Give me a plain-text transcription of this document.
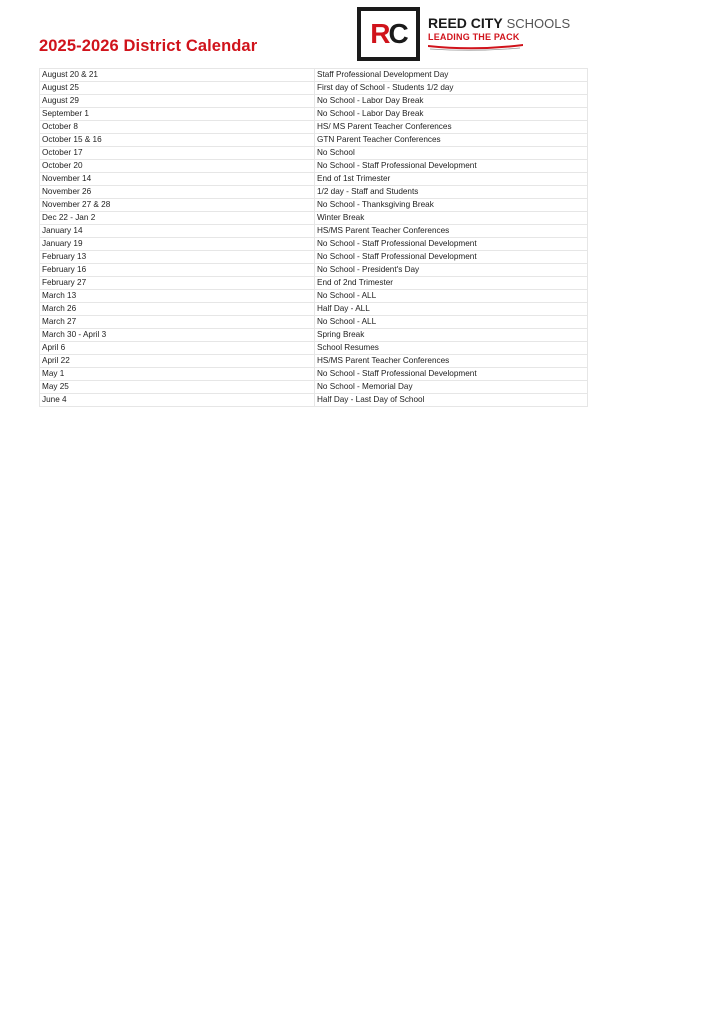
2025-2026 District Calendar	R C REED CITY SCHOOLS
LEADING THE PACK
August 20 & 21	Staff Professional Development Day
August 25	First day of School - Students 1/2 day
August 29	No School - Labor Day Break
September 1	No School - Labor Day Break
October 8	HS/ MS Parent Teacher Conferences
October 15 & 16	GTN Parent Teacher Conferences
October 17	No School
October 20	No School - Staff Professional Development
November 14	End of 1st Trimester
November 26	1/2 day - Staff and Students
November 27 & 28	No School - Thanksgiving Break
Dec 22 - Jan 2	Winter Break
January 14	HS/MS Parent Teacher Conferences
January 19	No School - Staff Professional Development
February 13	No School - Staff Professional Development
February 16	No School - President's Day
February 27	End of 2nd Trimester
March 13	No School - ALL
March 26	Half Day - ALL
March 27	No School - ALL
March 30 - April 3	Spring Break
April 6	School Resumes
April 22	HS/MS Parent Teacher Conferences
May 1	No School - Staff Professional Development
May 25	No School - Memorial Day
June 4	Half Day - Last Day of School
